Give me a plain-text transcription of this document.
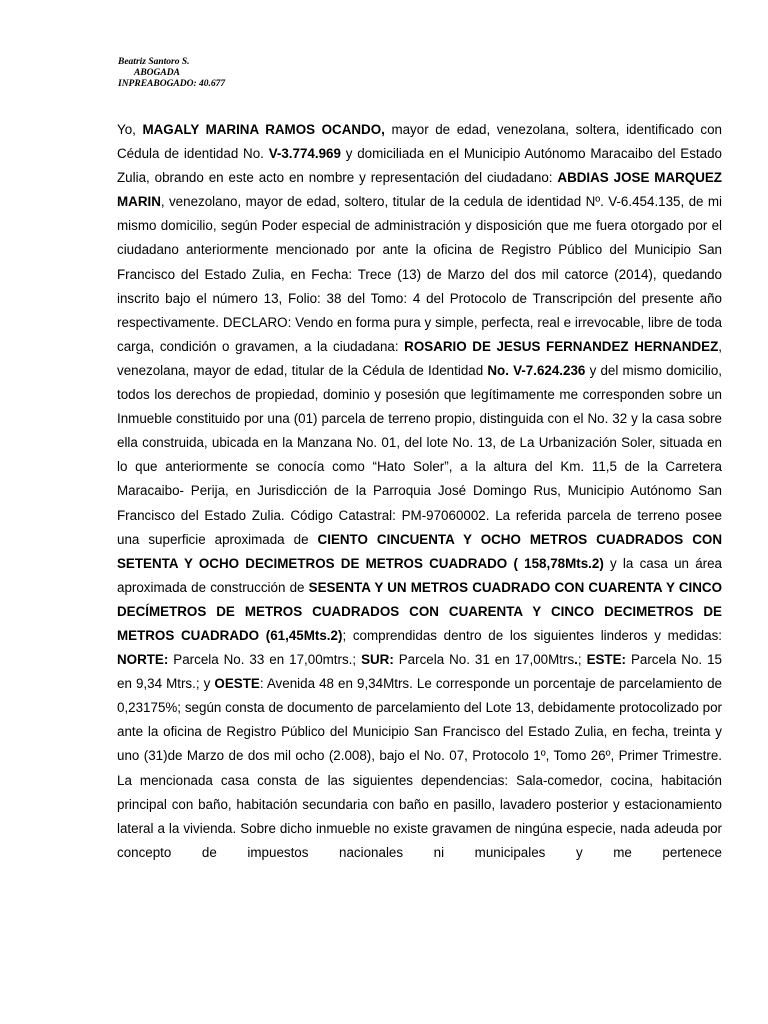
Beatriz Santoro S.
ABOGADA
INPREABOGADO: 40.677

Yo, MAGALY MARINA RAMOS OCANDO, mayor de edad, venezolana, soltera, identificado con Cédula de identidad No. V-3.774.969 y domiciliada en el Municipio Autónomo Maracaibo del Estado Zulia, obrando en este acto en nombre y representación del ciudadano: ABDIAS JOSE MARQUEZ MARIN, venezolano, mayor de edad, soltero, titular de la cedula de identidad Nº. V-6.454.135, de mi mismo domicilio, según Poder especial de administración y disposición que me fuera otorgado por el ciudadano anteriormente mencionado por ante la oficina de Registro Público del Municipio San Francisco del Estado Zulia, en Fecha: Trece (13) de Marzo del dos mil catorce (2014), quedando inscrito bajo el número 13, Folio: 38 del Tomo: 4 del Protocolo de Transcripción del presente año respectivamente. DECLARO: Vendo en forma pura y simple, perfecta, real e irrevocable, libre de toda carga, condición o gravamen, a la ciudadana: ROSARIO DE JESUS FERNANDEZ HERNANDEZ, venezolana, mayor de edad, titular de la Cédula de Identidad No. V-7.624.236 y del mismo domicilio, todos los derechos de propiedad, dominio y posesión que legítimamente me corresponden sobre un Inmueble constituido por una (01) parcela de terreno propio, distinguida con el No. 32 y la casa sobre ella construida, ubicada en la Manzana No. 01, del lote No. 13, de La Urbanización Soler, situada en lo que anteriormente se conocía como “Hato Soler”, a la altura del Km. 11,5 de la Carretera Maracaibo- Perija, en Jurisdicción de la Parroquia José Domingo Rus, Municipio Autónomo San Francisco del Estado Zulia. Código Catastral: PM-97060002. La referida parcela de terreno posee una superficie aproximada de CIENTO CINCUENTA Y OCHO METROS CUADRADOS CON SETENTA Y OCHO DECIMETROS DE METROS CUADRADO ( 158,78Mts.2) y la casa un área aproximada de construcción de SESENTA Y UN METROS CUADRADO CON CUARENTA Y CINCO DECÍMETROS DE METROS CUADRADOS CON CUARENTA Y CINCO DECIMETROS DE METROS CUADRADO (61,45Mts.2); comprendidas dentro de los siguientes linderos y medidas: NORTE: Parcela No. 33 en 17,00mtrs.; SUR: Parcela No. 31 en 17,00Mtrs.; ESTE: Parcela No. 15 en 9,34 Mtrs.; y OESTE: Avenida 48 en 9,34Mtrs. Le corresponde un porcentaje de parcelamiento de 0,23175%; según consta de documento de parcelamiento del Lote 13, debidamente protocolizado por ante la oficina de Registro Público del Municipio San Francisco del Estado Zulia, en fecha, treinta y uno (31)de Marzo de dos mil ocho (2.008), bajo el No. 07, Protocolo 1º, Tomo 26º, Primer Trimestre. La mencionada casa consta de las siguientes dependencias: Sala-comedor, cocina, habitación principal con baño, habitación secundaria con baño en pasillo, lavadero posterior y estacionamiento lateral a la vivienda. Sobre dicho inmueble no existe gravamen de ningúna especie, nada adeuda por concepto de impuestos nacionales ni municipales y me pertenece
